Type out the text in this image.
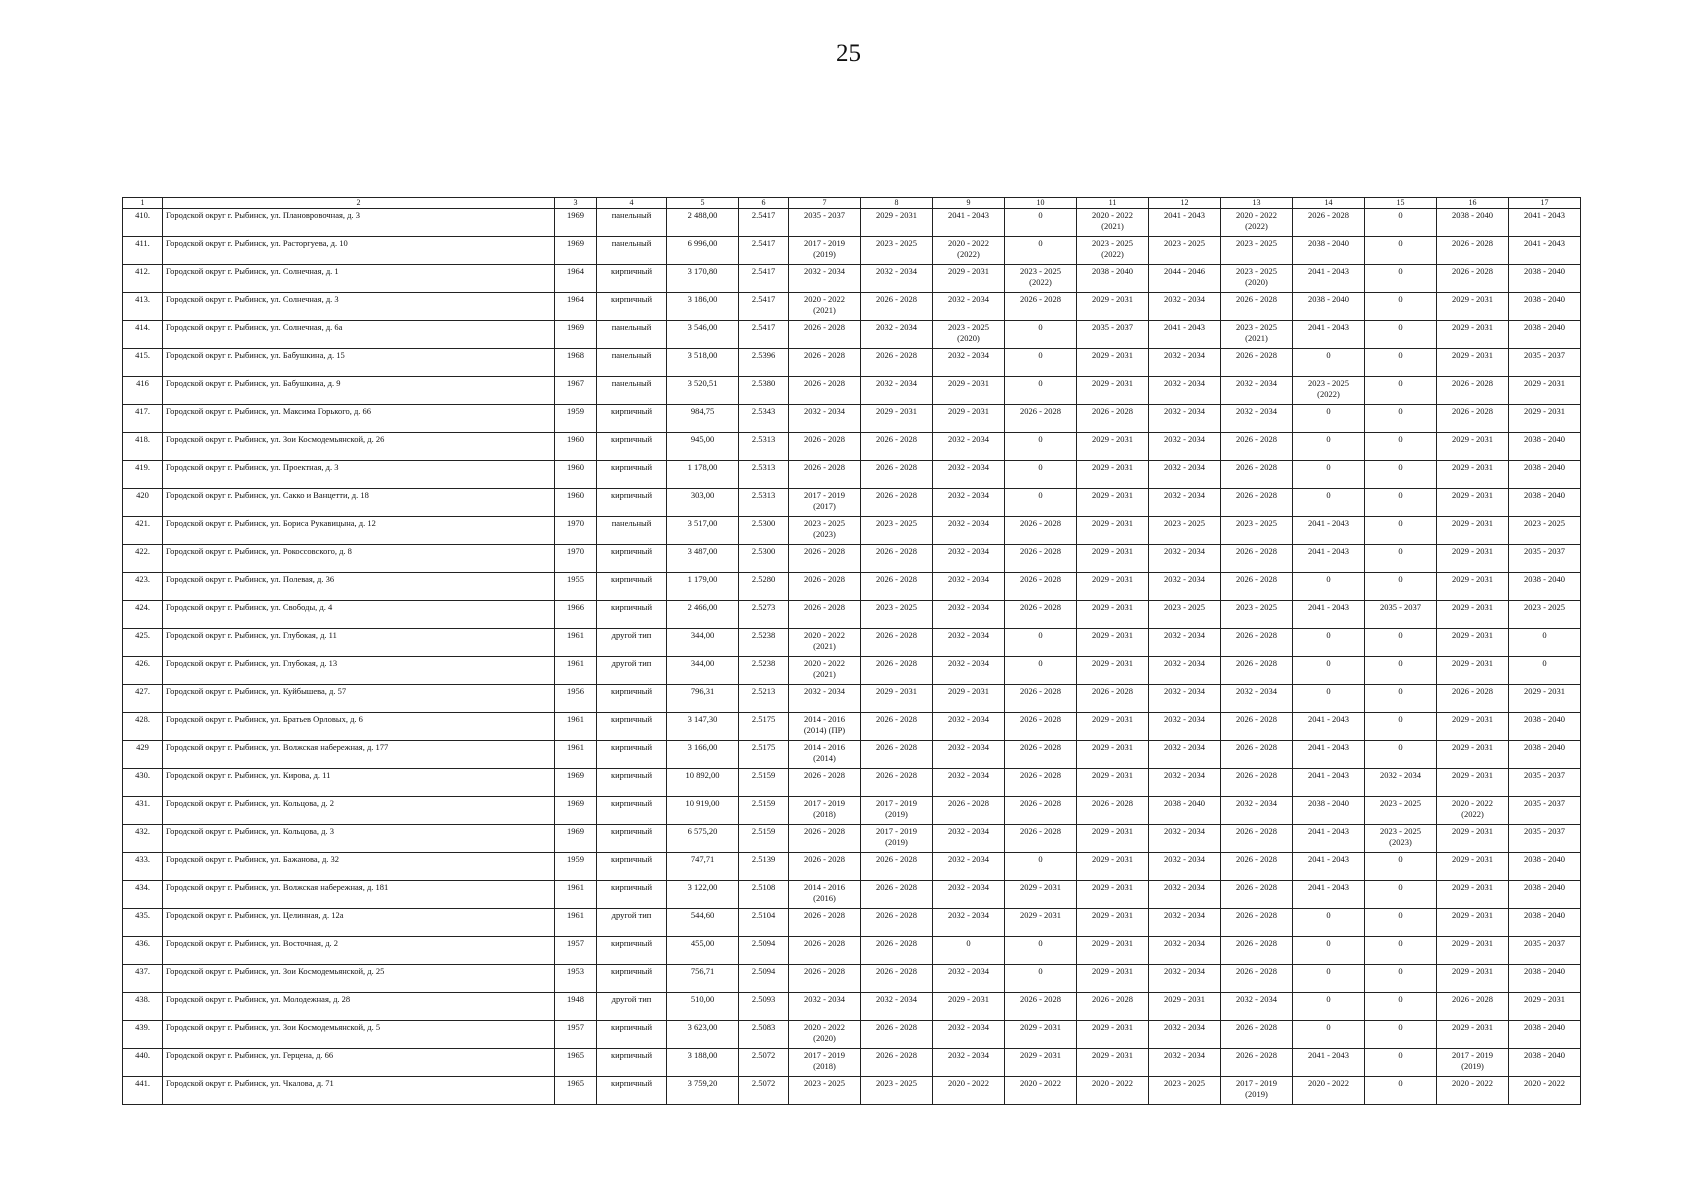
25
1	2	3	4	5	6	7	8	9	10	11	12	13	14	15	16	17
410.	Городской округ г. Рыбинск, ул. Плановровочная, д. 3	1969	панельный	2 488,00	2.5417	2035 - 2037	2029 - 2031	2041 - 2043	0	2020 - 2022
(2021)	2041 - 2043	2020 - 2022
(2022)	2026 - 2028	0	2038 - 2040	2041 - 2043
411.	Городской округ г. Рыбинск, ул. Расторгуева, д. 10	1969	панельный	6 996,00	2.5417	2017 - 2019
(2019)	2023 - 2025	2020 - 2022
(2022)	0	2023 - 2025
(2022)	2023 - 2025	2023 - 2025	2038 - 2040	0	2026 - 2028	2041 - 2043
412.	Городской округ г. Рыбинск, ул. Солнечная, д. 1	1964	кирпичный	3 170,80	2.5417	2032 - 2034	2032 - 2034	2029 - 2031	2023 - 2025
(2022)	2038 - 2040	2044 - 2046	2023 - 2025
(2020)	2041 - 2043	0	2026 - 2028	2038 - 2040
413.	Городской округ г. Рыбинск, ул. Солнечная, д. 3	1964	кирпичный	3 186,00	2.5417	2020 - 2022
(2021)	2026 - 2028	2032 - 2034	2026 - 2028	2029 - 2031	2032 - 2034	2026 - 2028	2038 - 2040	0	2029 - 2031	2038 - 2040
414.	Городской округ г. Рыбинск, ул. Солнечная, д. 6а	1969	панельный	3 546,00	2.5417	2026 - 2028	2032 - 2034	2023 - 2025
(2020)	0	2035 - 2037	2041 - 2043	2023 - 2025
(2021)	2041 - 2043	0	2029 - 2031	2038 - 2040
415.	Городской округ г. Рыбинск, ул. Бабушкина, д. 15	1968	панельный	3 518,00	2.5396	2026 - 2028	2026 - 2028	2032 - 2034	0	2029 - 2031	2032 - 2034	2026 - 2028	0	0	2029 - 2031	2035 - 2037
416	Городской округ г. Рыбинск, ул. Бабушкина, д. 9	1967	панельный	3 520,51	2.5380	2026 - 2028	2032 - 2034	2029 - 2031	0	2029 - 2031	2032 - 2034	2032 - 2034	2023 - 2025
(2022)	0	2026 - 2028	2029 - 2031
417.	Городской округ г. Рыбинск, ул. Максима Горького, д. 66	1959	кирпичный	984,75	2.5343	2032 - 2034	2029 - 2031	2029 - 2031	2026 - 2028	2026 - 2028	2032 - 2034	2032 - 2034	0	0	2026 - 2028	2029 - 2031
418.	Городской округ г. Рыбинск, ул. Зои Космодемьянской, д. 26	1960	кирпичный	945,00	2.5313	2026 - 2028	2026 - 2028	2032 - 2034	0	2029 - 2031	2032 - 2034	2026 - 2028	0	0	2029 - 2031	2038 - 2040
419.	Городской округ г. Рыбинск, ул. Проектная, д. 3	1960	кирпичный	1 178,00	2.5313	2026 - 2028	2026 - 2028	2032 - 2034	0	2029 - 2031	2032 - 2034	2026 - 2028	0	0	2029 - 2031	2038 - 2040
420	Городской округ г. Рыбинск, ул. Сакко и Ванцетти, д. 18	1960	кирпичный	303,00	2.5313	2017 - 2019
(2017)	2026 - 2028	2032 - 2034	0	2029 - 2031	2032 - 2034	2026 - 2028	0	0	2029 - 2031	2038 - 2040
421.	Городской округ г. Рыбинск, ул. Бориса Рукавицына, д. 12	1970	панельный	3 517,00	2.5300	2023 - 2025
(2023)	2023 - 2025	2032 - 2034	2026 - 2028	2029 - 2031	2023 - 2025	2023 - 2025	2041 - 2043	0	2029 - 2031	2023 - 2025
422.	Городской округ г. Рыбинск, ул. Рокоссовского, д. 8	1970	кирпичный	3 487,00	2.5300	2026 - 2028	2026 - 2028	2032 - 2034	2026 - 2028	2029 - 2031	2032 - 2034	2026 - 2028	2041 - 2043	0	2029 - 2031	2035 - 2037
423.	Городской округ г. Рыбинск, ул. Полевая, д. 36	1955	кирпичный	1 179,00	2.5280	2026 - 2028	2026 - 2028	2032 - 2034	2026 - 2028	2029 - 2031	2032 - 2034	2026 - 2028	0	0	2029 - 2031	2038 - 2040
424.	Городской округ г. Рыбинск, ул. Свободы, д. 4	1966	кирпичный	2 466,00	2.5273	2026 - 2028	2023 - 2025	2032 - 2034	2026 - 2028	2029 - 2031	2023 - 2025	2023 - 2025	2041 - 2043	2035 - 2037	2029 - 2031	2023 - 2025
425.	Городской округ г. Рыбинск, ул. Глубокая, д. 11	1961	другой тип	344,00	2.5238	2020 - 2022
(2021)	2026 - 2028	2032 - 2034	0	2029 - 2031	2032 - 2034	2026 - 2028	0	0	2029 - 2031	0
426.	Городской округ г. Рыбинск, ул. Глубокая, д. 13	1961	другой тип	344,00	2.5238	2020 - 2022
(2021)	2026 - 2028	2032 - 2034	0	2029 - 2031	2032 - 2034	2026 - 2028	0	0	2029 - 2031	0
427.	Городской округ г. Рыбинск, ул. Куйбышева, д. 57	1956	кирпичный	796,31	2.5213	2032 - 2034	2029 - 2031	2029 - 2031	2026 - 2028	2026 - 2028	2032 - 2034	2032 - 2034	0	0	2026 - 2028	2029 - 2031
428.	Городской округ г. Рыбинск, ул. Братьев Орловых, д. 6	1961	кирпичный	3 147,30	2.5175	2014 - 2016
(2014) (ПР)	2026 - 2028	2032 - 2034	2026 - 2028	2029 - 2031	2032 - 2034	2026 - 2028	2041 - 2043	0	2029 - 2031	2038 - 2040
429	Городской округ г. Рыбинск, ул. Волжская набережная, д. 177	1961	кирпичный	3 166,00	2.5175	2014 - 2016
(2014)	2026 - 2028	2032 - 2034	2026 - 2028	2029 - 2031	2032 - 2034	2026 - 2028	2041 - 2043	0	2029 - 2031	2038 - 2040
430.	Городской округ г. Рыбинск, ул. Кирова, д. 11	1969	кирпичный	10 892,00	2.5159	2026 - 2028	2026 - 2028	2032 - 2034	2026 - 2028	2029 - 2031	2032 - 2034	2026 - 2028	2041 - 2043	2032 - 2034	2029 - 2031	2035 - 2037
431.	Городской округ г. Рыбинск, ул. Кольцова, д. 2	1969	кирпичный	10 919,00	2.5159	2017 - 2019
(2018)	2017 - 2019
(2019)	2026 - 2028	2026 - 2028	2026 - 2028	2038 - 2040	2032 - 2034	2038 - 2040	2023 - 2025	2020 - 2022
(2022)	2035 - 2037
432.	Городской округ г. Рыбинск, ул. Кольцова, д. 3	1969	кирпичный	6 575,20	2.5159	2026 - 2028	2017 - 2019
(2019)	2032 - 2034	2026 - 2028	2029 - 2031	2032 - 2034	2026 - 2028	2041 - 2043	2023 - 2025
(2023)	2029 - 2031	2035 - 2037
433.	Городской округ г. Рыбинск, ул. Бажанова, д. 32	1959	кирпичный	747,71	2.5139	2026 - 2028	2026 - 2028	2032 - 2034	0	2029 - 2031	2032 - 2034	2026 - 2028	2041 - 2043	0	2029 - 2031	2038 - 2040
434.	Городской округ г. Рыбинск, ул. Волжская набережная, д. 181	1961	кирпичный	3 122,00	2.5108	2014 - 2016
(2016)	2026 - 2028	2032 - 2034	2029 - 2031	2029 - 2031	2032 - 2034	2026 - 2028	2041 - 2043	0	2029 - 2031	2038 - 2040
435.	Городской округ г. Рыбинск, ул. Целинная, д. 12а	1961	другой тип	544,60	2.5104	2026 - 2028	2026 - 2028	2032 - 2034	2029 - 2031	2029 - 2031	2032 - 2034	2026 - 2028	0	0	2029 - 2031	2038 - 2040
436.	Городской округ г. Рыбинск, ул. Восточная, д. 2	1957	кирпичный	455,00	2.5094	2026 - 2028	2026 - 2028	0	0	2029 - 2031	2032 - 2034	2026 - 2028	0	0	2029 - 2031	2035 - 2037
437.	Городской округ г. Рыбинск, ул. Зои Космодемьянской, д. 25	1953	кирпичный	756,71	2.5094	2026 - 2028	2026 - 2028	2032 - 2034	0	2029 - 2031	2032 - 2034	2026 - 2028	0	0	2029 - 2031	2038 - 2040
438.	Городской округ г. Рыбинск, ул. Молодежная, д. 28	1948	другой тип	510,00	2.5093	2032 - 2034	2032 - 2034	2029 - 2031	2026 - 2028	2026 - 2028	2029 - 2031	2032 - 2034	0	0	2026 - 2028	2029 - 2031
439.	Городской округ г. Рыбинск, ул. Зои Космодемьянской, д. 5	1957	кирпичный	3 623,00	2.5083	2020 - 2022
(2020)	2026 - 2028	2032 - 2034	2029 - 2031	2029 - 2031	2032 - 2034	2026 - 2028	0	0	2029 - 2031	2038 - 2040
440.	Городской округ г. Рыбинск, ул. Герцена, д. 66	1965	кирпичный	3 188,00	2.5072	2017 - 2019
(2018)	2026 - 2028	2032 - 2034	2029 - 2031	2029 - 2031	2032 - 2034	2026 - 2028	2041 - 2043	0	2017 - 2019
(2019)	2038 - 2040
441.	Городской округ г. Рыбинск, ул. Чкалова, д. 71	1965	кирпичный	3 759,20	2.5072	2023 - 2025	2023 - 2025	2020 - 2022	2020 - 2022	2020 - 2022	2023 - 2025	2017 - 2019
(2019)	2020 - 2022	0	2020 - 2022	2020 - 2022
